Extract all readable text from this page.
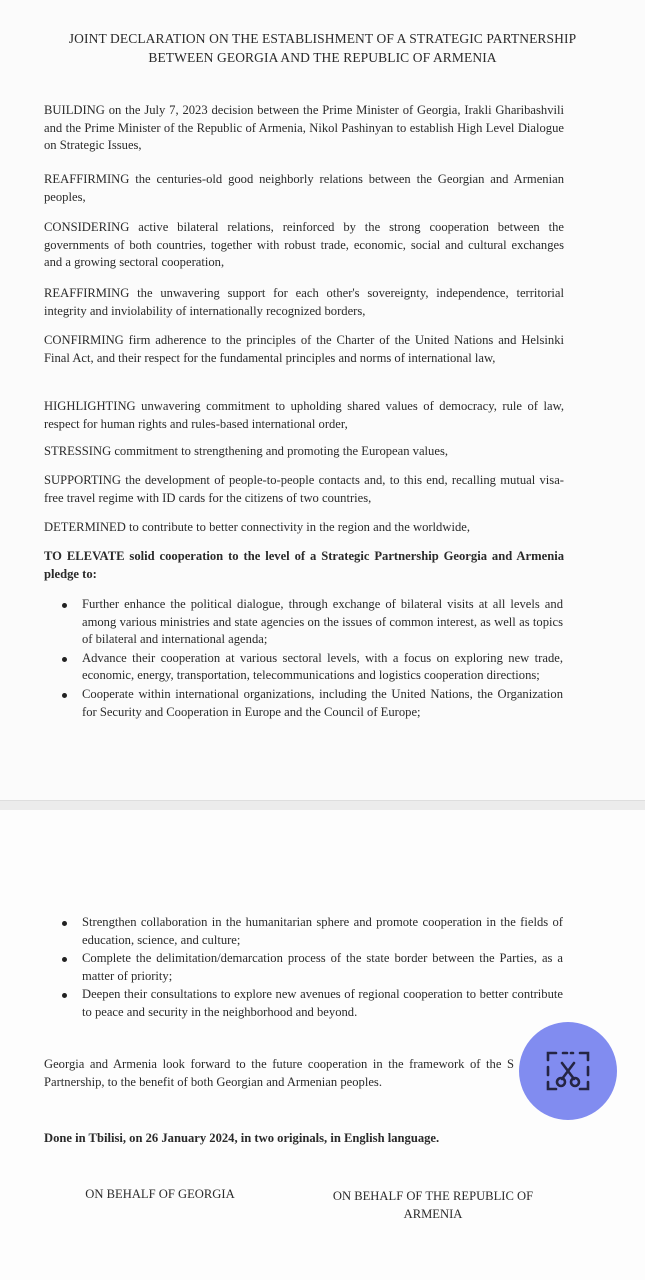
JOINT DECLARATION ON THE ESTABLISHMENT OF A STRATEGIC PARTNERSHIP
BETWEEN GEORGIA AND THE REPUBLIC OF ARMENIA

BUILDING on the July 7, 2023 decision between the Prime Minister of Georgia, Irakli Gharibashvili and the Prime Minister of the Republic of Armenia, Nikol Pashinyan to establish High Level Dialogue on Strategic Issues,

REAFFIRMING the centuries-old good neighborly relations between the Georgian and Armenian peoples,

CONSIDERING active bilateral relations, reinforced by the strong cooperation between the governments of both countries, together with robust trade, economic, social and cultural exchanges and a growing sectoral cooperation,

REAFFIRMING the unwavering support for each other's sovereignty, independence, territorial integrity and inviolability of internationally recognized borders,

CONFIRMING firm adherence to the principles of the Charter of the United Nations and Helsinki Final Act, and their respect for the fundamental principles and norms of international law,

HIGHLIGHTING unwavering commitment to upholding shared values of democracy, rule of law, respect for human rights and rules-based international order,

STRESSING commitment to strengthening and promoting the European values,

SUPPORTING the development of people-to-people contacts and, to this end, recalling mutual visa-free travel regime with ID cards for the citizens of two countries,

DETERMINED to contribute to better connectivity in the region and the worldwide,

TO ELEVATE solid cooperation to the level of a Strategic Partnership Georgia and Armenia pledge to:

Further enhance the political dialogue, through exchange of bilateral visits at all levels and among various ministries and state agencies on the issues of common interest, as well as topics of bilateral and international agenda;
Advance their cooperation at various sectoral levels, with a focus on exploring new trade, economic, energy, transportation, telecommunications and logistics cooperation directions;
Cooperate within international organizations, including the United Nations, the Organization for Security and Cooperation in Europe and the Council of Europe;
Strengthen collaboration in the humanitarian sphere and promote cooperation in the fields of education, science, and culture;
Complete the delimitation/demarcation process of the state border between the Parties, as a matter of priority;
Deepen their consultations to explore new avenues of regional cooperation to better contribute to peace and security in the neighborhood and beyond.

Georgia and Armenia look forward to the future cooperation in the framework of the S Partnership, to the benefit of both Georgian and Armenian peoples.

Done in Tbilisi, on 26 January 2024, in two originals, in English language.

ON BEHALF OF GEORGIA	ON BEHALF OF THE REPUBLIC OF
ARMENIA
